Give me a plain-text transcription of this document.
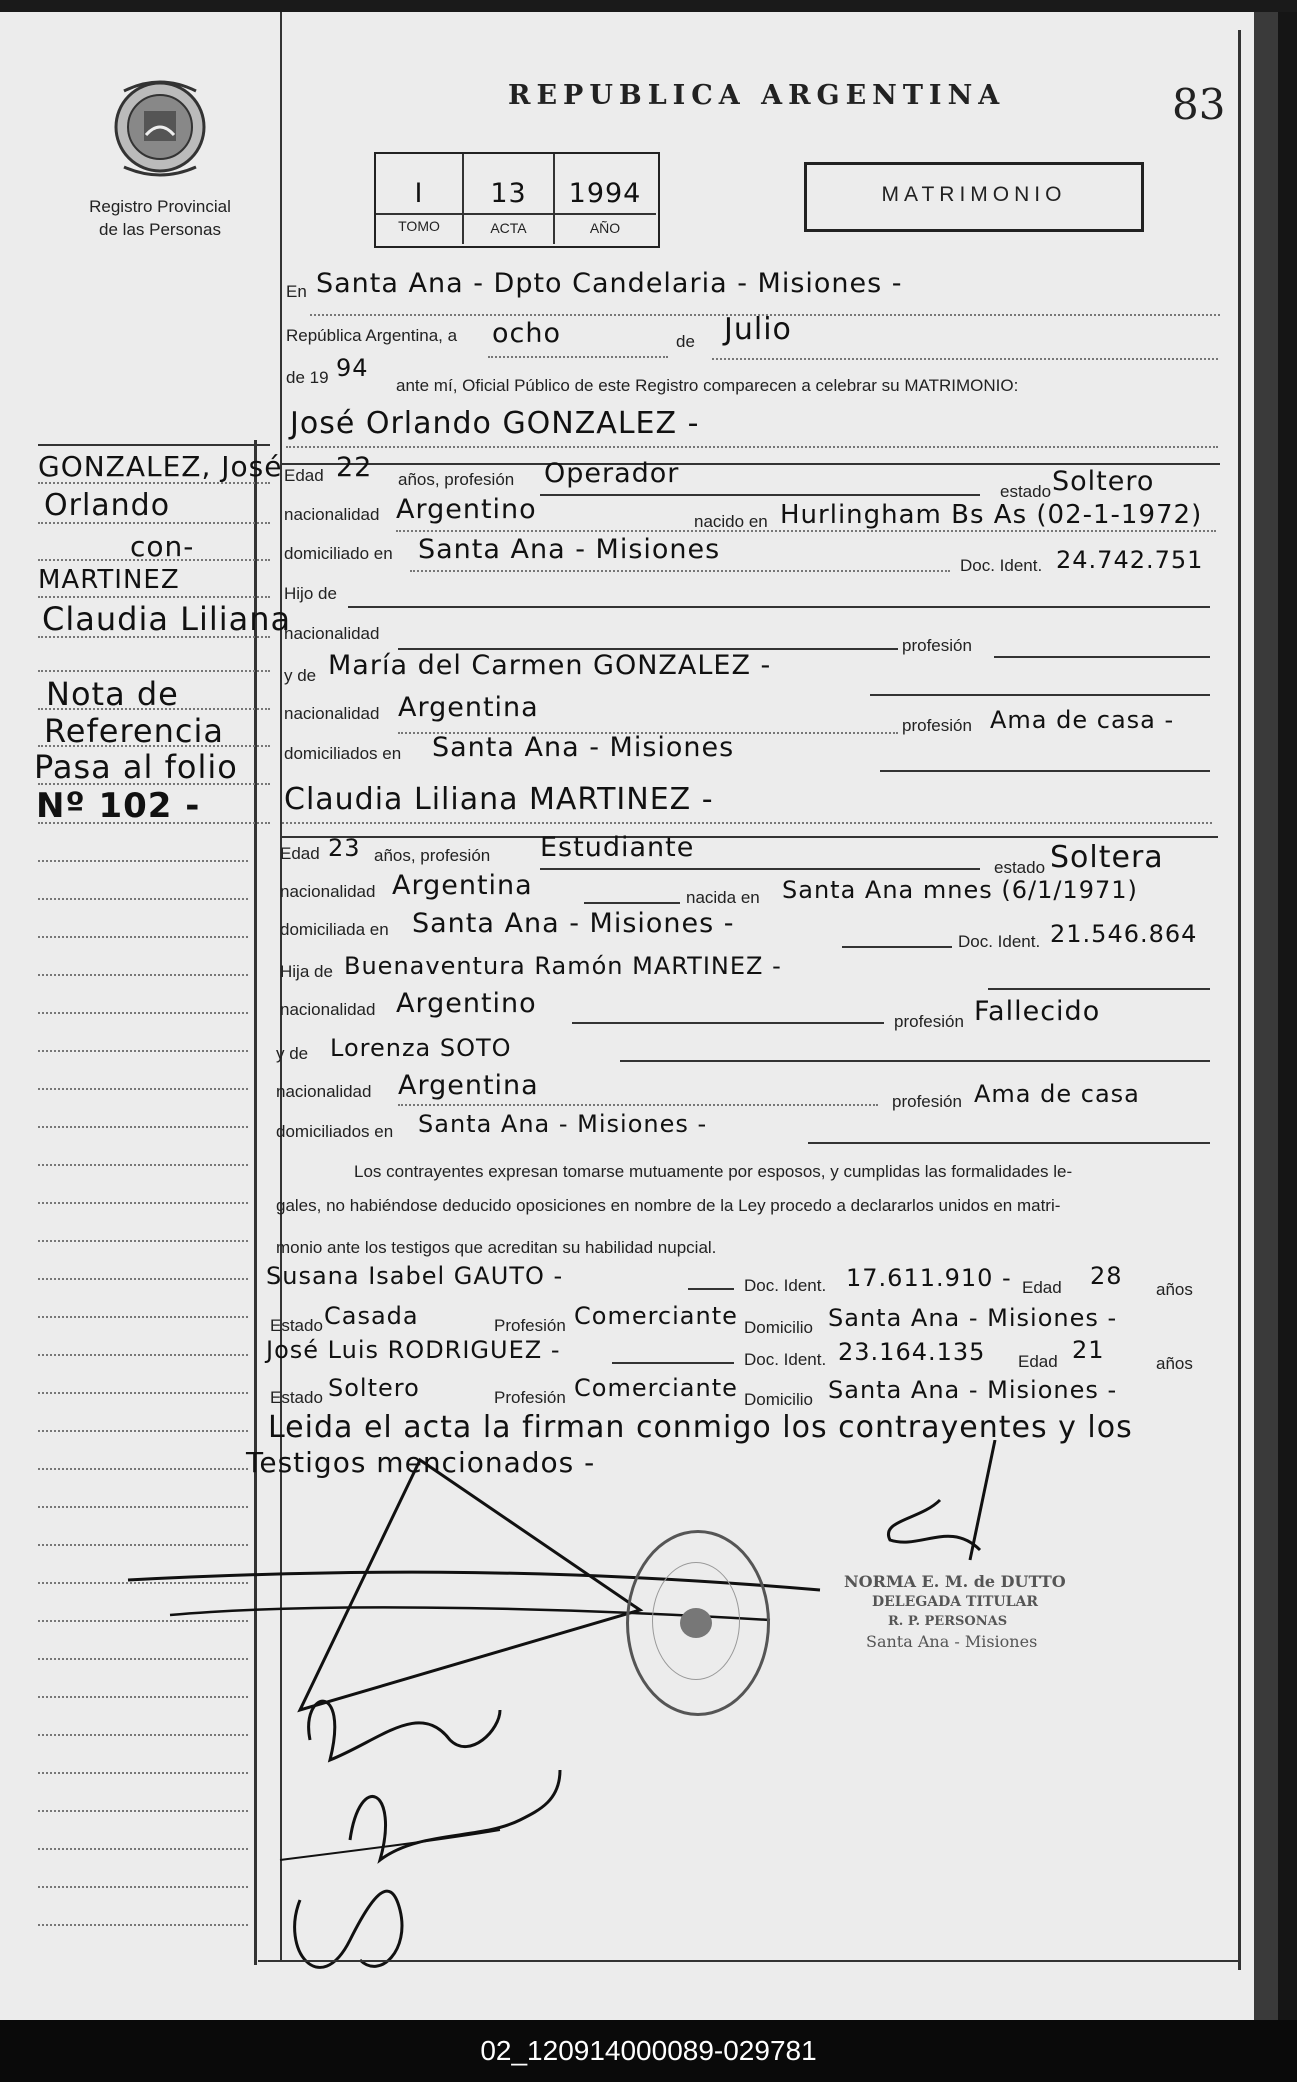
Registro Provincial
de las Personas
REPUBLICA ARGENTINA	83
I	13	1994
TOMO	ACTA	AÑO
MATRIMONIO
GONZALEZ, José
Orlando
con-
MARTINEZ
Claudia Liliana
Nota de
Referencia
Pasa al folio
Nº 102 -
En Santa Ana - Dpto Candelaria - Misiones -
República Argentina, a ocho	de Julio
de 19 94
ante mí, Oficial Público de este Registro comparecen a celebrar su MATRIMONIO:
José Orlando GONZALEZ -
Edad 22 años, profesión Operador
estado Soltero
nacionalidad Argentino	nacido en Hurlingham Bs As (02-1-1972)
domiciliado en Santa Ana - Misiones
Doc. Ident. 24.742.751
Hijo de
nacionalidad
profesión
y de María del Carmen GONZALEZ -
nacionalidad Argentina
profesión Ama de casa -
domiciliados en Santa Ana - Misiones
Claudia Liliana MARTINEZ -
Edad 23 años, profesión Estudiante
estado Soltera
nacionalidad Argentina	nacida en Santa Ana mnes (6/1/1971)
domiciliada en Santa Ana - Misiones -
Doc. Ident. 21.546.864
Hija de Buenaventura Ramón MARTINEZ -
nacionalidad Argentino
profesión Fallecido
y de Lorenza SOTO
nacionalidad Argentina
profesión Ama de casa
domiciliados en Santa Ana - Misiones -
Los contrayentes expresan tomarse mutuamente por esposos, y cumplidas las formalidades le-
gales, no habiéndose deducido oposiciones en nombre de la Ley procedo a declararlos unidos en matri-
monio ante los testigos que acreditan su habilidad nupcial.
Susana Isabel GAUTO -	Doc. Ident. 17.611.910 - Edad 28 años
Estado Casada	Profesión Comerciante Domicilio Santa Ana - Misiones -
José Luis RODRIGUEZ -	Doc. Ident. 23.164.135 Edad 21	años
Estado Soltero	Profesión Comerciante Domicilio Santa Ana - Misiones -
Leida el acta la firman conmigo los contrayentes y los
Testigos mencionados -
NORMA E. M. de DUTTO
DELEGADA TITULAR
R. P. PERSONAS
Santa Ana - Misiones
02_120914000089-029781
